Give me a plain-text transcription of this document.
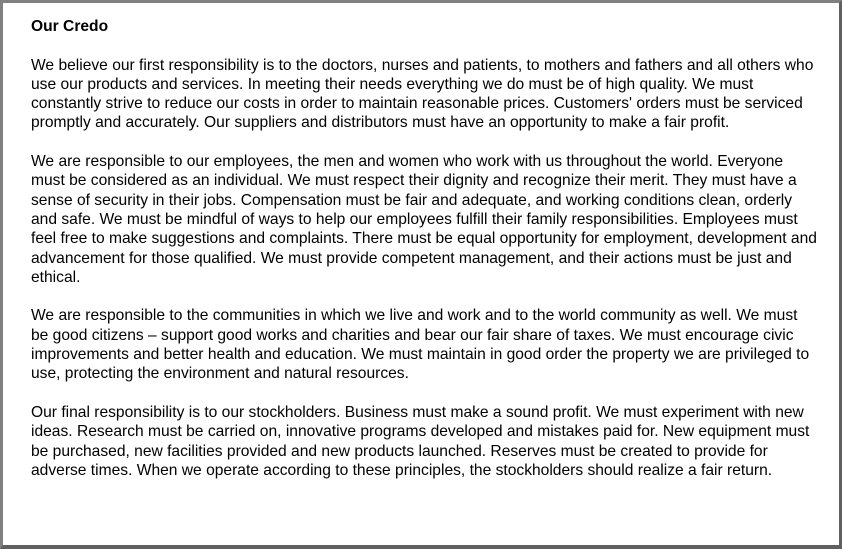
Our Credo

We believe our first responsibility is to the doctors, nurses and patients, to mothers and fathers and all others who use our products and services. In meeting their needs everything we do must be of high quality. We must constantly strive to reduce our costs in order to maintain reasonable prices. Customers' orders must be serviced promptly and accurately. Our suppliers and distributors must have an opportunity to make a fair profit.

We are responsible to our employees, the men and women who work with us throughout the world. Everyone must be considered as an individual. We must respect their dignity and recognize their merit. They must have a sense of security in their jobs. Compensation must be fair and adequate, and working conditions clean, orderly and safe. We must be mindful of ways to help our employees fulfill their family responsibilities. Employees must feel free to make suggestions and complaints. There must be equal opportunity for employment, development and advancement for those qualified. We must provide competent management, and their actions must be just and ethical.

We are responsible to the communities in which we live and work and to the world community as well. We must be good citizens – support good works and charities and bear our fair share of taxes. We must encourage civic improvements and better health and education. We must maintain in good order the property we are privileged to use, protecting the environment and natural resources.

Our final responsibility is to our stockholders. Business must make a sound profit. We must experiment with new ideas. Research must be carried on, innovative programs developed and mistakes paid for. New equipment must be purchased, new facilities provided and new products launched. Reserves must be created to provide for adverse times. When we operate according to these principles, the stockholders should realize a fair return.
